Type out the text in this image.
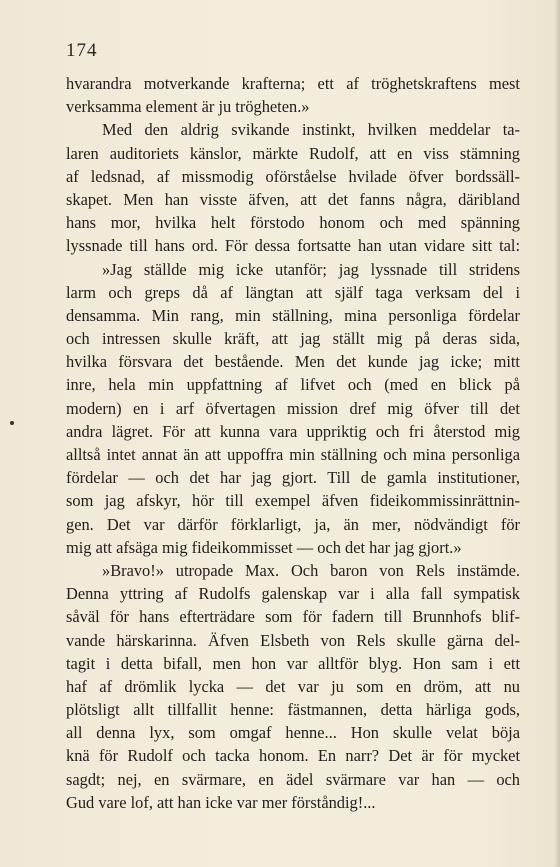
174
hvarandra motverkande krafterna; ett af tröghetskraftens mest
verksamma element är ju trögheten.»
Med den aldrig svikande instinkt, hvilken meddelar ta-
laren auditoriets känslor, märkte Rudolf, att en viss stämning
af ledsnad, af missmodig oförståelse hvilade öfver bordssäll-
skapet. Men han visste äfven, att det fanns några, däribland
hans mor, hvilka helt förstodo honom och med spänning
lyssnade till hans ord. För dessa fortsatte han utan vidare sitt tal:
»Jag ställde mig icke utanför; jag lyssnade till stridens
larm och greps då af längtan att själf taga verksam del i
densamma. Min rang, min ställning, mina personliga fördelar
och intressen skulle kräft, att jag ställt mig på deras sida,
hvilka försvara det bestående. Men det kunde jag icke; mitt
inre, hela min uppfattning af lifvet och (med en blick på
modern) en i arf öfvertagen mission dref mig öfver till det
andra lägret. För att kunna vara uppriktig och fri återstod mig
alltså intet annat än att uppoffra min ställning och mina personliga
fördelar — och det har jag gjort. Till de gamla institutioner,
som jag afskyr, hör till exempel äfven fideikommissinrättnin-
gen. Det var därför förklarligt, ja, än mer, nödvändigt för
mig att afsäga mig fideikommisset — och det har jag gjort.»
»Bravo!» utropade Max. Och baron von Rels instämde.
Denna yttring af Rudolfs galenskap var i alla fall sympatisk
såväl för hans efterträdare som för fadern till Brunnhofs blif-
vande härskarinna. Äfven Elsbeth von Rels skulle gärna del-
tagit i detta bifall, men hon var alltför blyg. Hon sam i ett
haf af drömlik lycka — det var ju som en dröm, att nu
plötsligt allt tillfallit henne: fästmannen, detta härliga gods,
all denna lyx, som omgaf henne... Hon skulle velat böja
knä för Rudolf och tacka honom. En narr? Det är för mycket
sagdt; nej, en svärmare, en ädel svärmare var han — och
Gud vare lof, att han icke var mer förståndig!...
